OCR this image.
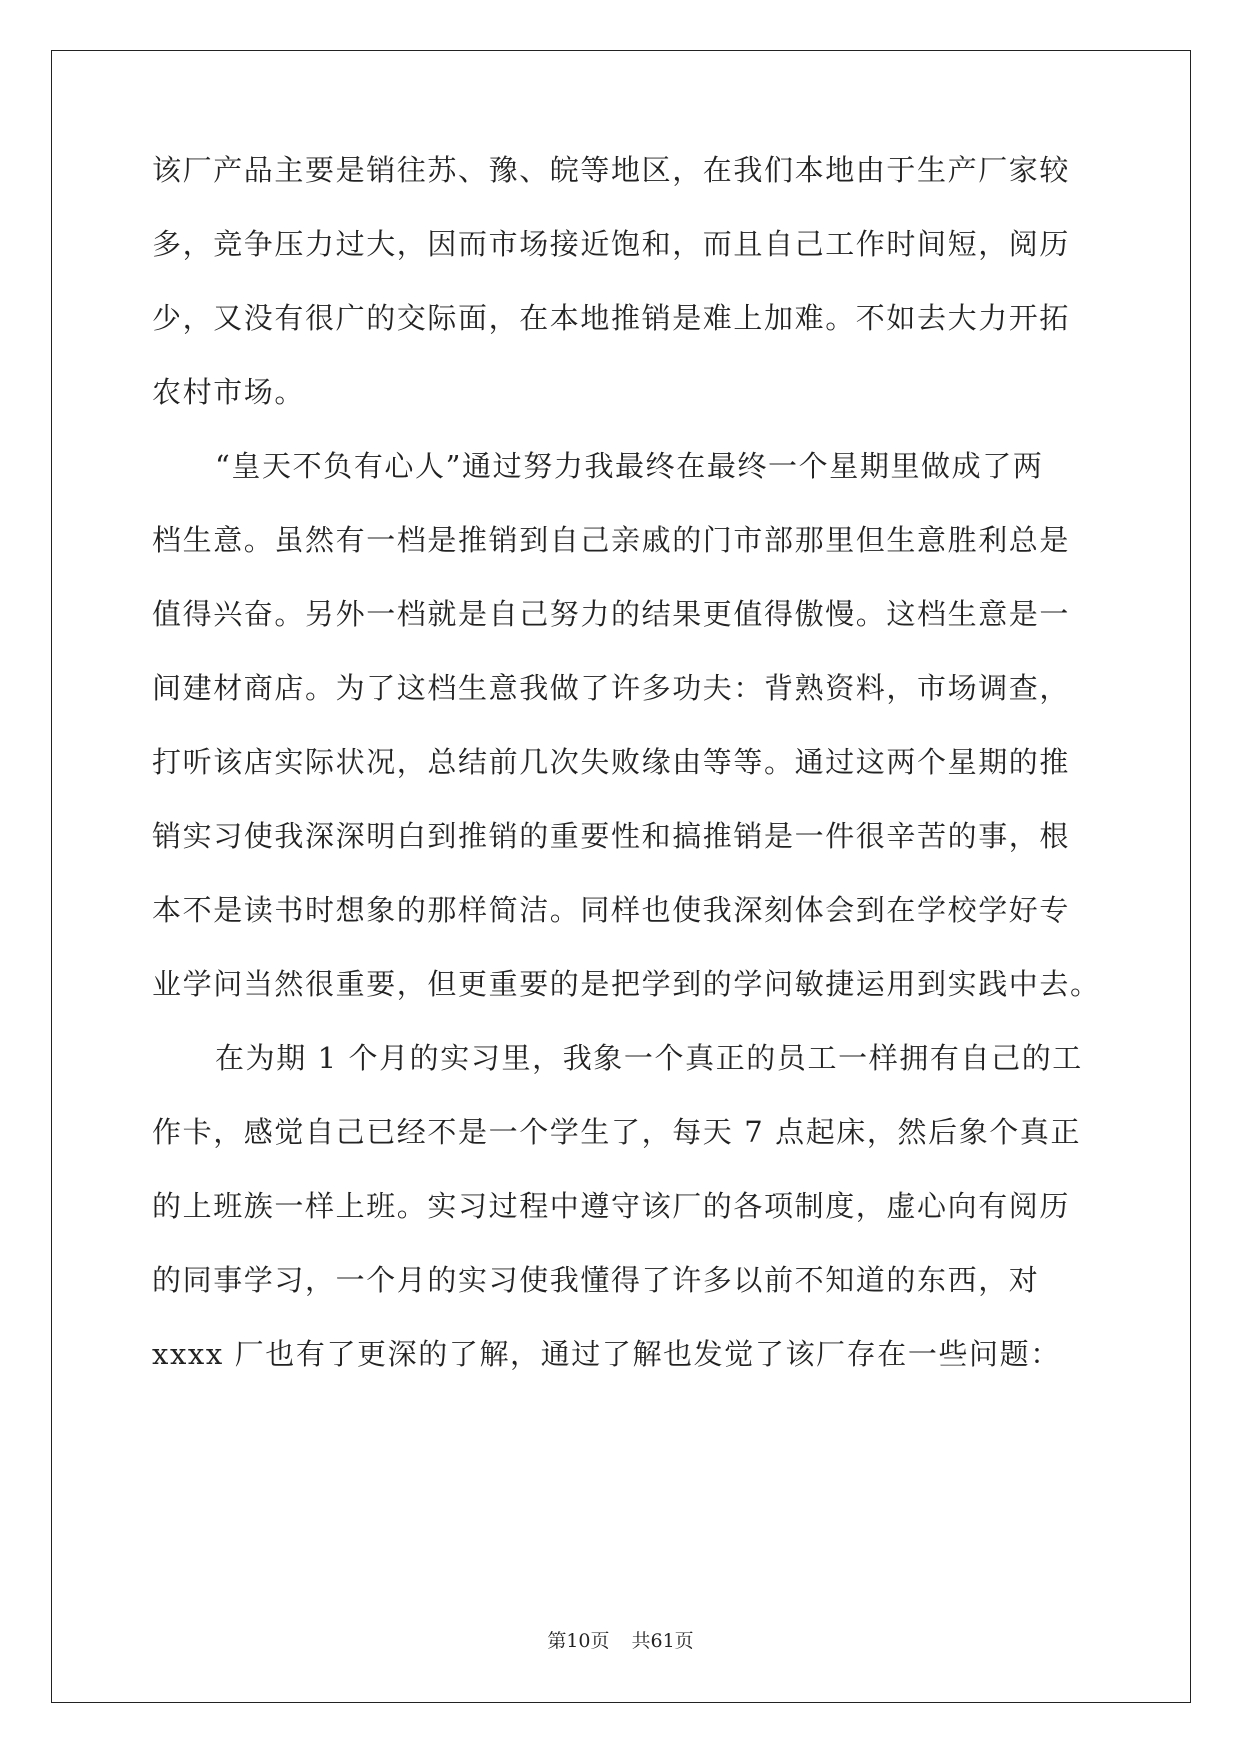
该厂产品主要是销往苏、豫、皖等地区，在我们本地由于生产厂家较

多，竞争压力过大，因而市场接近饱和，而且自己工作时间短，阅历

少，又没有很广的交际面，在本地推销是难上加难。不如去大力开拓

农村市场。

“皇天不负有心人”通过努力我最终在最终一个星期里做成了两

档生意。虽然有一档是推销到自己亲戚的门市部那里但生意胜利总是

值得兴奋。另外一档就是自己努力的结果更值得傲慢。这档生意是一

间建材商店。为了这档生意我做了许多功夫：背熟资料，市场调查，

打听该店实际状况，总结前几次失败缘由等等。通过这两个星期的推

销实习使我深深明白到推销的重要性和搞推销是一件很辛苦的事，根

本不是读书时想象的那样简洁。同样也使我深刻体会到在学校学好专

业学问当然很重要，但更重要的是把学到的学问敏捷运用到实践中去。

在为期 1 个月的实习里，我象一个真正的员工一样拥有自己的工

作卡，感觉自己已经不是一个学生了，每天 7 点起床，然后象个真正

的上班族一样上班。实习过程中遵守该厂的各项制度，虚心向有阅历

的同事学习，一个月的实习使我懂得了许多以前不知道的东西，对

xxxx 厂也有了更深的了解，通过了解也发觉了该厂存在一些问题：

第10页 共61页
